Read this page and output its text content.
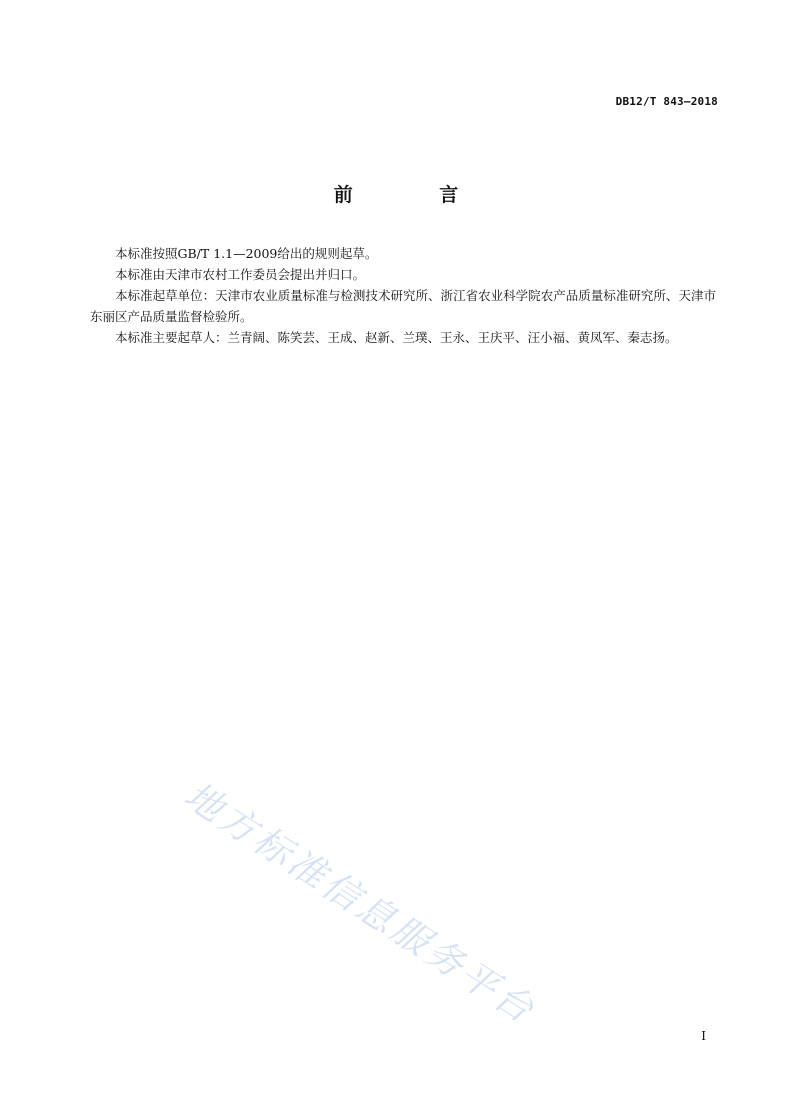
DB12/T 843—2018
前 言

本标准按照GB/T 1.1—2009给出的规则起草。

本标准由天津市农村工作委员会提出并归口。

本标准起草单位：天津市农业质量标准与检测技术研究所、浙江省农业科学院农产品质量标准研究所、天津市东丽区产品质量监督检验所。

本标准主要起草人：兰青阔、陈笑芸、王成、赵新、兰璞、王永、王庆平、汪小福、黄凤军、秦志扬。

地方标准信息服务平台
I
